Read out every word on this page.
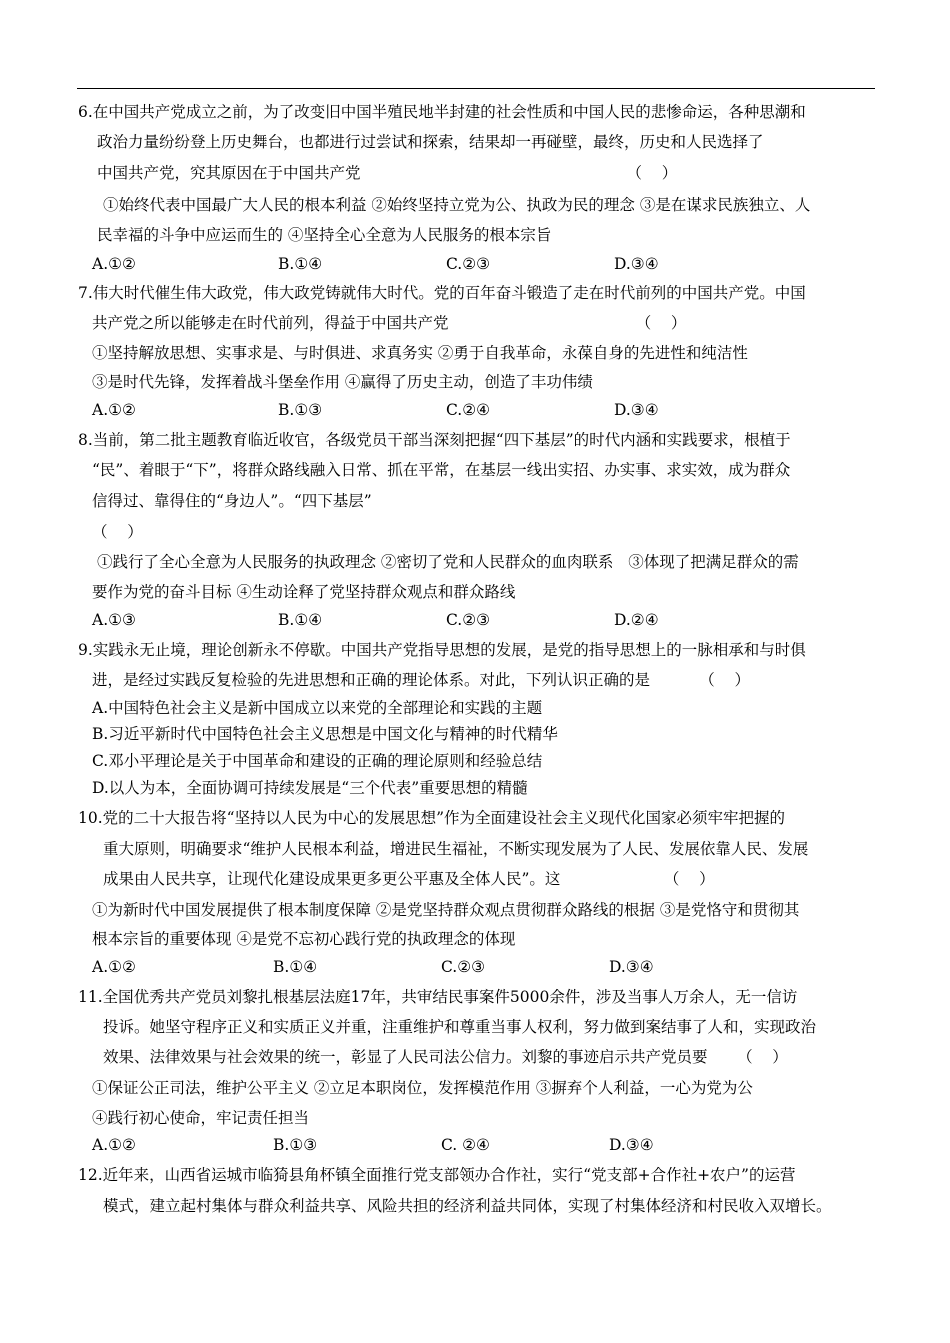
6.在中国共产党成立之前，为了改变旧中国半殖民地半封建的社会性质和中国人民的悲惨命运，各种思潮和
政治力量纷纷登上历史舞台，也都进行过尝试和探索，结果却一再碰壁，最终，历史和人民选择了
中国共产党，究其原因在于中国共产党                                                      （    ）
①始终代表中国最广大人民的根本利益 ②始终坚持立党为公、执政为民的理念 ③是在谋求民族独立、人
民幸福的斗争中应运而生的 ④坚持全心全意为人民服务的根本宗旨
A.①②	B.①④	C.②③	D.③④
7.伟大时代催生伟大政党，伟大政党铸就伟大时代。党的百年奋斗锻造了走在时代前列的中国共产党。中国
共产党之所以能够走在时代前列，得益于中国共产党                                      （    ）
①坚持解放思想、实事求是、与时俱进、求真务实 ②勇于自我革命，永葆自身的先进性和纯洁性
③是时代先锋，发挥着战斗堡垒作用 ④赢得了历史主动，创造了丰功伟绩
A.①②	B.①③	C.②④	D.③④
8.当前，第二批主题教育临近收官，各级党员干部当深刻把握“四下基层”的时代内涵和实践要求，根植于
“民”、着眼于“下”，将群众路线融入日常、抓在平常，在基层一线出实招、办实事、求实效，成为群众
信得过、靠得住的“身边人”。“四下基层”
（    ）
①践行了全心全意为人民服务的执政理念 ②密切了党和人民群众的血肉联系   ③体现了把满足群众的需
要作为党的奋斗目标 ④生动诠释了党坚持群众观点和群众路线
A.①③	B.①④	C.②③	D.②④
9.实践永无止境，理论创新永不停歇。中国共产党指导思想的发展，是党的指导思想上的一脉相承和与时俱
进，是经过实践反复检验的先进思想和正确的理论体系。对此，下列认识正确的是          （    ）
A.中国特色社会主义是新中国成立以来党的全部理论和实践的主题
B.习近平新时代中国特色社会主义思想是中国文化与精神的时代精华
C.邓小平理论是关于中国革命和建设的正确的理论原则和经验总结
D.以人为本，全面协调可持续发展是“三个代表”重要思想的精髓
10.党的二十大报告将“坚持以人民为中心的发展思想”作为全面建设社会主义现代化国家必须牢牢把握的
重大原则，明确要求“维护人民根本利益，增进民生福祉，不断实现发展为了人民、发展依靠人民、发展
成果由人民共享，让现代化建设成果更多更公平惠及全体人民”。这                     （    ）
①为新时代中国发展提供了根本制度保障 ②是党坚持群众观点贯彻群众路线的根据 ③是党恪守和贯彻其
根本宗旨的重要体现 ④是党不忘初心践行党的执政理念的体现
A.①②	B.①④	C.②③	D.③④
11.全国优秀共产党员刘黎扎根基层法庭17年，共审结民事案件5000余件，涉及当事人万余人，无一信访
投诉。她坚守程序正义和实质正义并重，注重维护和尊重当事人权利，努力做到案结事了人和，实现政治
效果、法律效果与社会效果的统一，彰显了人民司法公信力。刘黎的事迹启示共产党员要      （    ）
①保证公正司法，维护公平主义 ②立足本职岗位，发挥模范作用 ③摒弃个人利益，一心为党为公
④践行初心使命，牢记责任担当
A.①②	B.①③	C. ②④	D.③④
12.近年来，山西省运城市临猗县角杯镇全面推行党支部领办合作社，实行“党支部+合作社+农户”的运营
模式，建立起村集体与群众利益共享、风险共担的经济利益共同体，实现了村集体经济和村民收入双增长。
